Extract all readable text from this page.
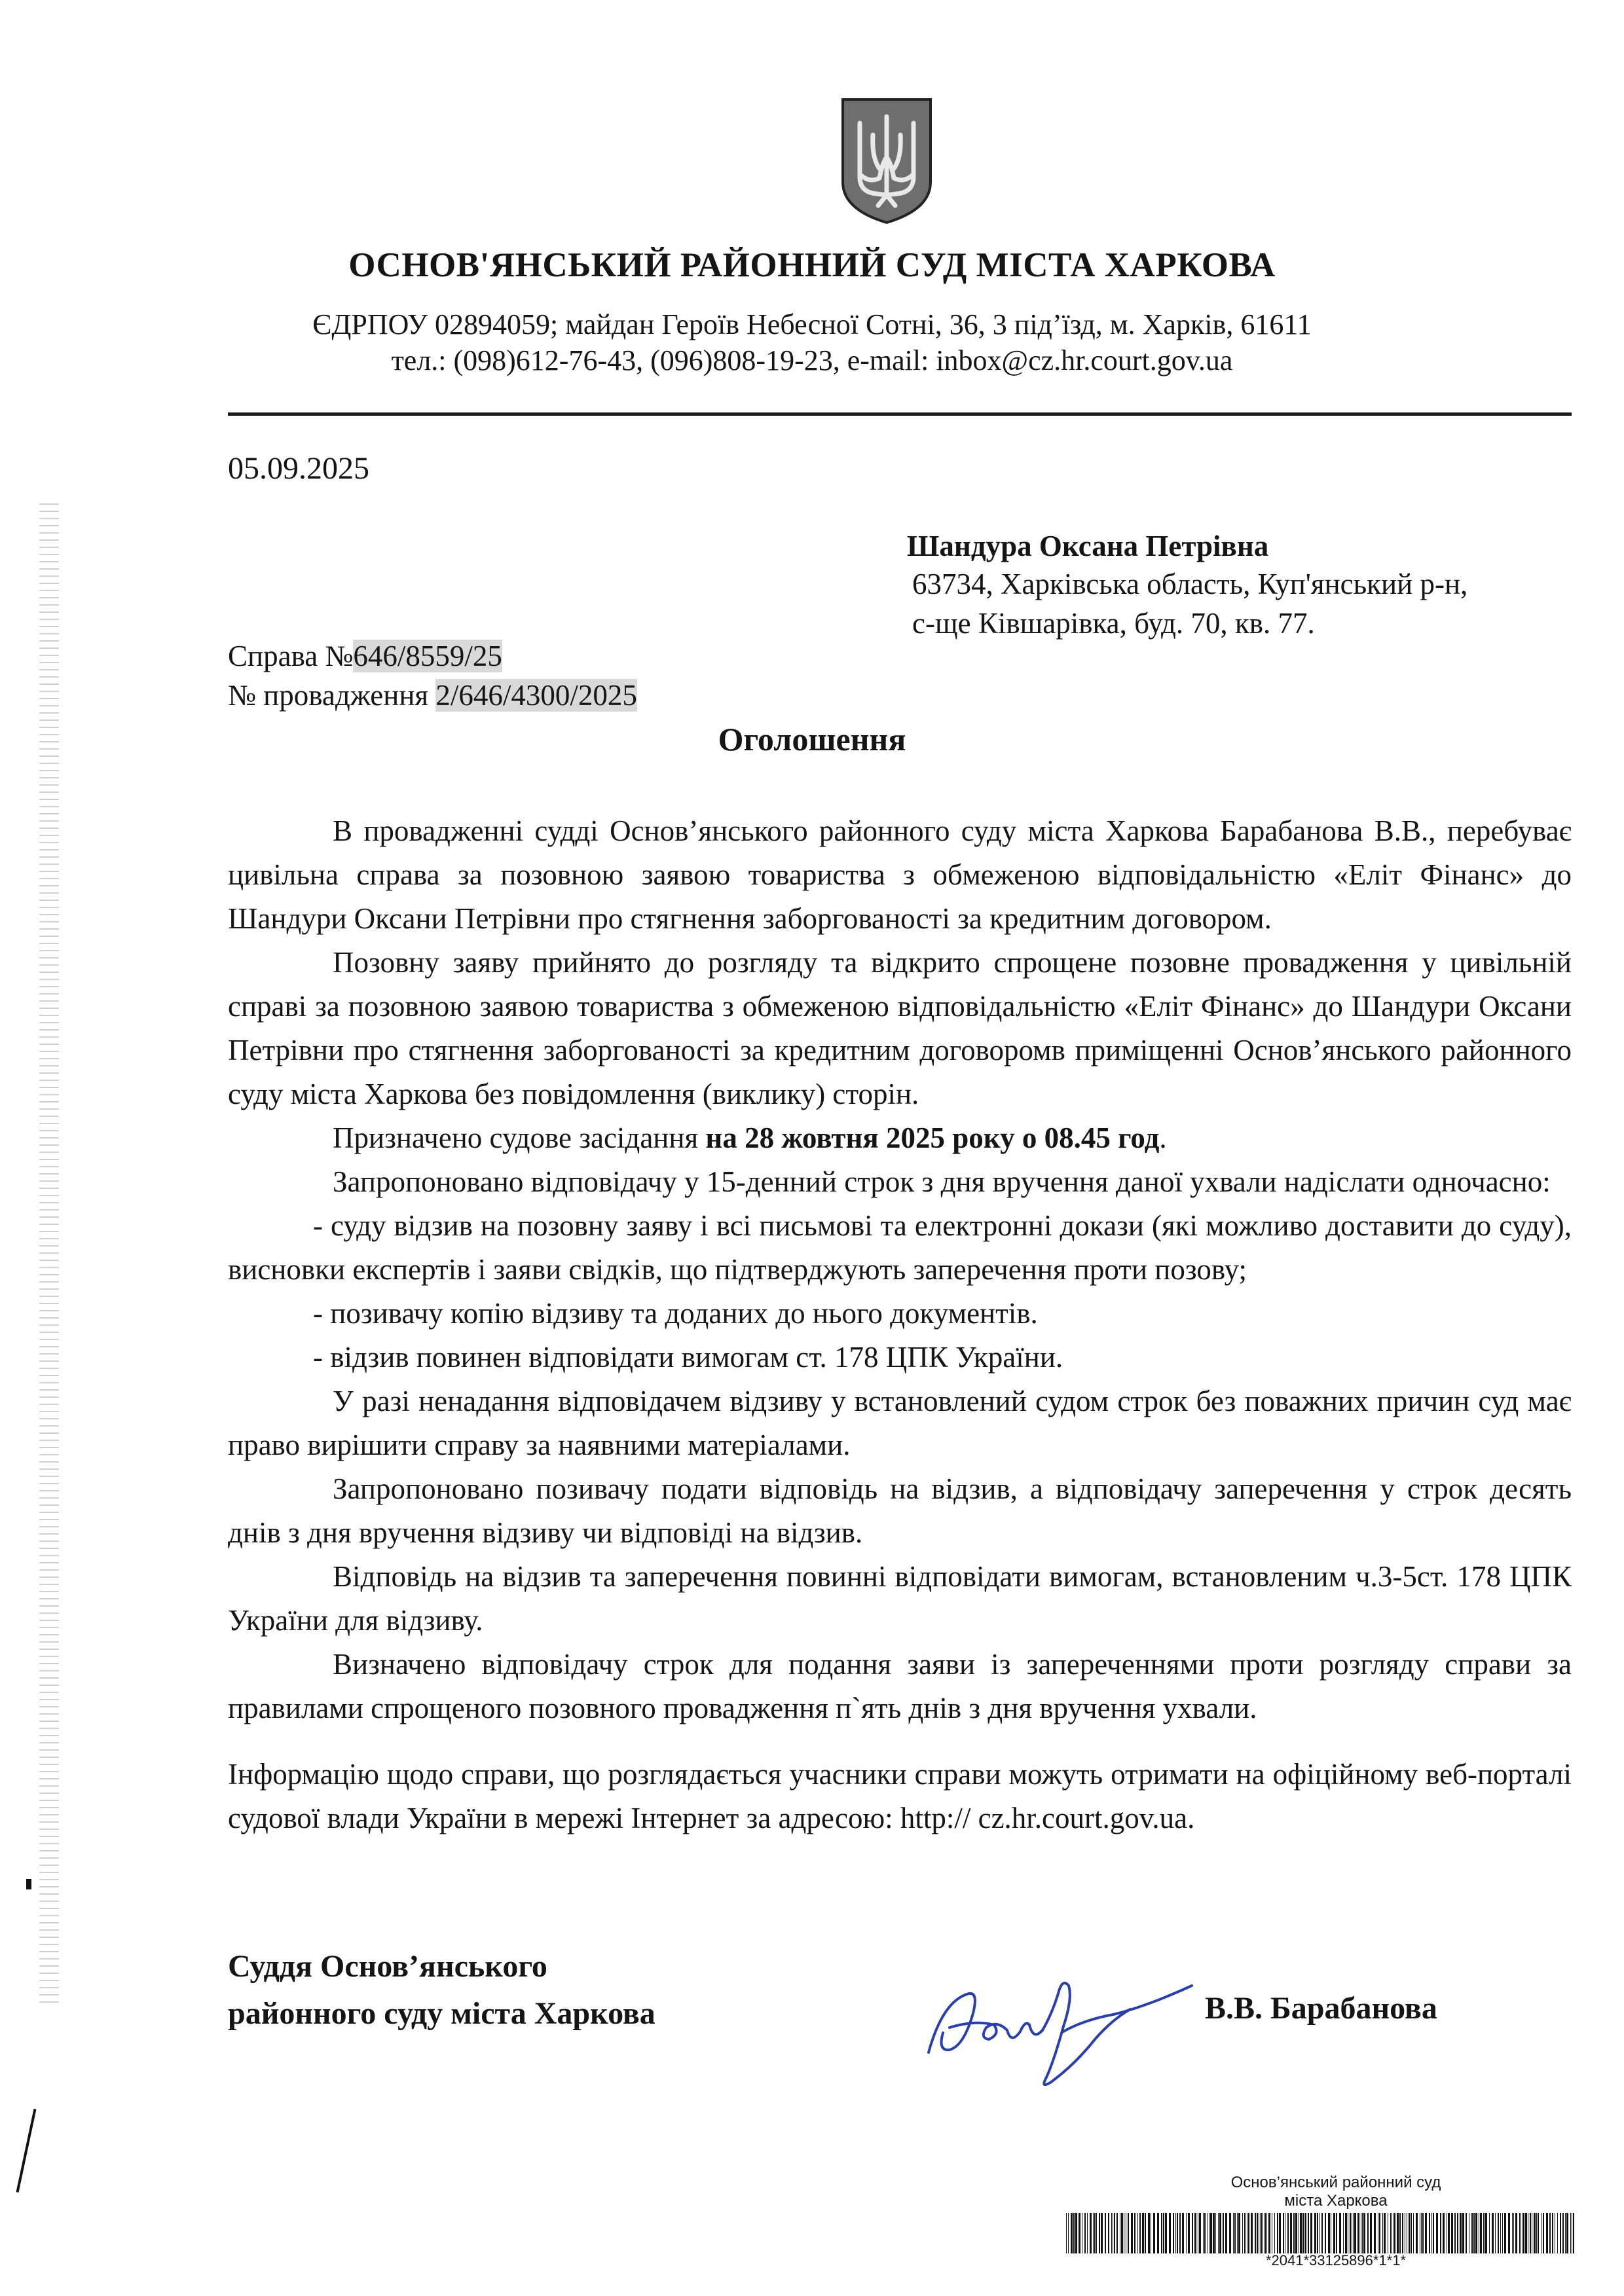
ОСНОВ'ЯНСЬКИЙ РАЙОННИЙ СУД МІСТА ХАРКОВА
ЄДРПОУ 02894059; майдан Героїв Небесної Сотні, 36, 3 під’їзд, м. Харків, 61611
тел.: (098)612-76-43, (096)808-19-23, e-mail: inbox@cz.hr.court.gov.ua
05.09.2025
Шандура Оксана Петрівна
63734, Харківська область, Куп'янський р-н,
с-ще Ківшарівка, буд. 70, кв. 77.
Справа №646/8559/25
№ провадження 2/646/4300/2025
Оголошення

В провадженні судді Основ’янського районного суду міста Харкова Барабанова В.В., перебуває цивільна справа за позовною заявою товариства з обмеженою відповідальністю «Еліт Фінанс» до Шандури Оксани Петрівни про стягнення заборгованості за кредитним договором.

Позовну заяву прийнято до розгляду та відкрито спрощене позовне провадження у цивільній справі за позовною заявою товариства з обмеженою відповідальністю «Еліт Фінанс» до Шандури Оксани Петрівни про стягнення заборгованості за кредитним договоромв приміщенні Основ’янського районного суду міста Харкова без повідомлення (виклику) сторін.

Призначено судове засідання на 28 жовтня 2025 року о 08.45 год.

Запропоновано відповідачу у 15-денний строк з дня вручення даної ухвали надіслати одночасно:

- суду відзив на позовну заяву і всі письмові та електронні докази (які можливо доставити до суду), висновки експертів і заяви свідків, що підтверджують заперечення проти позову;

- позивачу копію відзиву та доданих до нього документів.

- відзив повинен відповідати вимогам ст. 178 ЦПК України.

У разі ненадання відповідачем відзиву у встановлений судом строк без поважних причин суд має право вирішити справу за наявними матеріалами.

Запропоновано позивачу подати відповідь на відзив, а відповідачу заперечення у строк десять днів з дня вручення відзиву чи відповіді на відзив.

Відповідь на відзив та заперечення повинні відповідати вимогам, встановленим ч.3-5ст. 178 ЦПК України для відзиву.

Визначено відповідачу строк для подання заяви із запереченнями проти розгляду справи за правилами спрощеного позовного провадження п`ять днів з дня вручення ухвали.

Інформацію щодо справи, що розглядається учасники справи можуть отримати на офіційному веб-порталі судової влади України в мережі Інтернет за адресою: http:// cz.hr.court.gov.ua.

Суддя Основ’янського
районного суду міста Харкова	В.В. Барабанова
Основ’янський районний суд
міста Харкова
*2041*33125896*1*1*
